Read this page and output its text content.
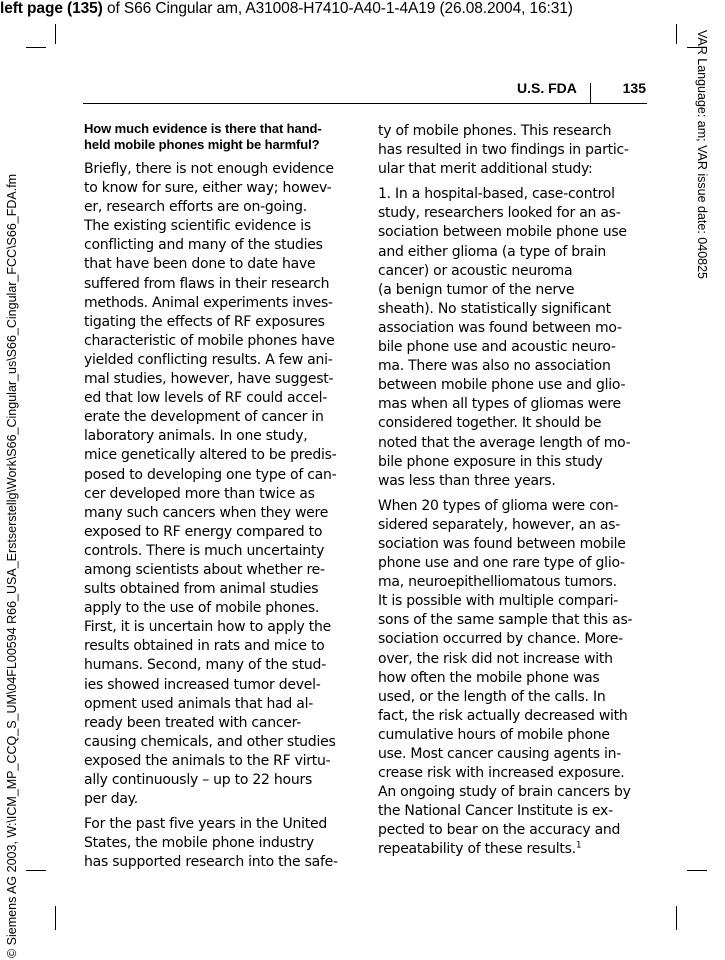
left page (135) of S66 Cingular am, A31008-H7410-A40-1-4A19 (26.08.2004, 16:31)
VAR Language: am; VAR issue date: 040825
© Siemens AG 2003, W:\ICM_MP_CCQ_S_UM\04FL00594 R66_USA_Erstserstellg\Work\S66_Cingular_us\S66_Cingular_FCC\S66_FDA.fm
U.S. FDA	135
How much evidence is there that hand-
held mobile phones might be harmful?

Briefly, there is not enough evidence
to know for sure, either way; howev-
er, research efforts are on-going.
The existing scientific evidence is
conflicting and many of the studies
that have been done to date have
suffered from flaws in their research
methods. Animal experiments inves-
tigating the effects of RF exposures
characteristic of mobile phones have
yielded conflicting results. A few ani-
mal studies, however, have suggest-
ed that low levels of RF could accel-
erate the development of cancer in
laboratory animals. In one study,
mice genetically altered to be predis-
posed to developing one type of can-
cer developed more than twice as
many such cancers when they were
exposed to RF energy compared to
controls. There is much uncertainty
among scientists about whether re-
sults obtained from animal studies
apply to the use of mobile phones.
First, it is uncertain how to apply the
results obtained in rats and mice to
humans. Second, many of the stud-
ies showed increased tumor devel-
opment used animals that had al-
ready been treated with cancer-
causing chemicals, and other studies
exposed the animals to the RF virtu-
ally continuously – up to 22 hours
per day.

For the past five years in the United
States, the mobile phone industry
has supported research into the safe-

ty of mobile phones. This research
has resulted in two findings in partic-
ular that merit additional study:

1. In a hospital-based, case-control
study, researchers looked for an as-
sociation between mobile phone use
and either glioma (a type of brain
cancer) or acoustic neuroma
(a benign tumor of the nerve
sheath). No statistically significant
association was found between mo-
bile phone use and acoustic neuro-
ma. There was also no association
between mobile phone use and glio-
mas when all types of gliomas were
considered together. It should be
noted that the average length of mo-
bile phone exposure in this study
was less than three years.

When 20 types of glioma were con-
sidered separately, however, an as-
sociation was found between mobile
phone use and one rare type of glio-
ma, neuroepithelliomatous tumors.
It is possible with multiple compari-
sons of the same sample that this as-
sociation occurred by chance. More-
over, the risk did not increase with
how often the mobile phone was
used, or the length of the calls. In
fact, the risk actually decreased with
cumulative hours of mobile phone
use. Most cancer causing agents in-
crease risk with increased exposure.
An ongoing study of brain cancers by
the National Cancer Institute is ex-
pected to bear on the accuracy and
repeatability of these results.$^1$
